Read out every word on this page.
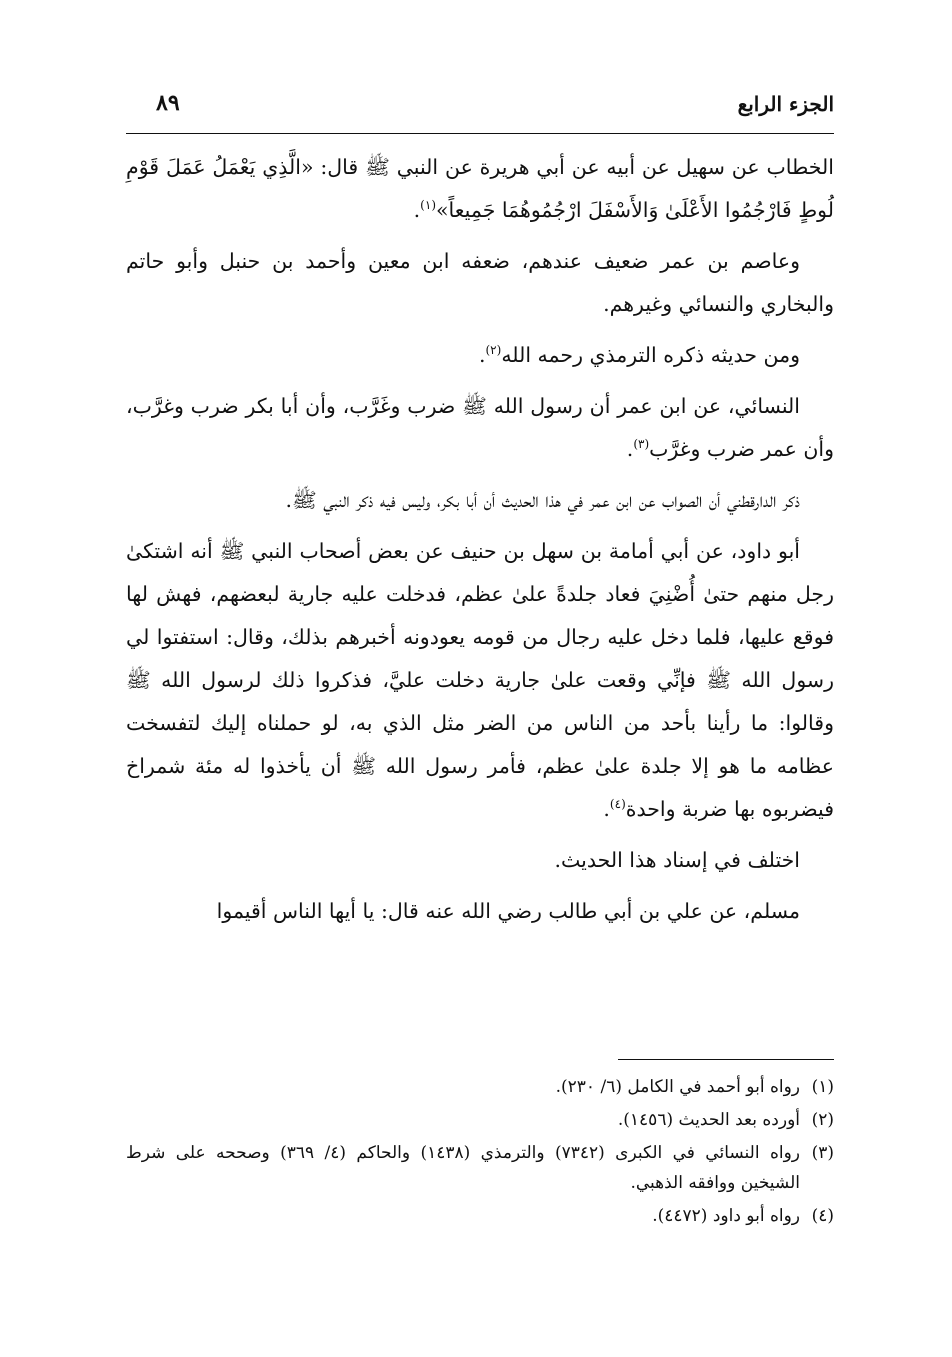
الجزء الرابع
٨٩

الخطاب عن سهيل عن أبيه عن أبي هريرة عن النبي ﷺ قال: «الَّذِي يَعْمَلُ عَمَلَ قَوْمِ لُوطٍ فَارْجُمُوا الأَعْلَىٰ وَالأَسْفَلَ ارْجُمُوهُمَا جَمِيعاً»$^{(١)}$.

وعاصم بن عمر ضعيف عندهم، ضعفه ابن معين وأحمد بن حنبل وأبو حاتم والبخاري والنسائي وغيرهم.

ومن حديثه ذكره الترمذي رحمه الله$^{(٢)}$.

النسائي، عن ابن عمر أن رسول الله ﷺ ضرب وغَرَّب، وأن أبا بكر ضرب وغرَّب، وأن عمر ضرب وغرَّب$^{(٣)}$.

ذكر الدارقطني أن الصواب عن ابن عمر في هذا الحديث أن أبا بكر، وليس فيه ذكر النبي ﷺ.

أبو داود، عن أبي أمامة بن سهل بن حنيف عن بعض أصحاب النبي ﷺ أنه اشتكىٰ رجل منهم حتىٰ أُضْنِيَ فعاد جلدةً علىٰ عظم، فدخلت عليه جارية لبعضهم، فهش لها فوقع عليها، فلما دخل عليه رجال من قومه يعودونه أخبرهم بذلك، وقال: استفتوا لي رسول الله ﷺ فإنِّي وقعت علىٰ جارية دخلت عليَّ، فذكروا ذلك لرسول الله ﷺ وقالوا: ما رأينا بأحد من الناس من الضر مثل الذي به، لو حملناه إليك لتفسخت عظامه ما هو إلا جلدة علىٰ عظم، فأمر رسول الله ﷺ أن يأخذوا له مئة شمراخ فيضربوه بها ضربة واحدة$^{(٤)}$.

اختلف في إسناد هذا الحديث.

مسلم، عن علي بن أبي طالب رضي الله عنه قال: يا أيها الناس أقيموا

(١)
رواه أبو أحمد في الكامل (٦/ ٢٣٠).
(٢)
أورده بعد الحديث (١٤٥٦).
(٣)
رواه النسائي في الكبرى (٧٣٤٢) والترمذي (١٤٣٨) والحاكم (٤/ ٣٦٩) وصححه على شرط الشيخين ووافقه الذهبي.
(٤)
رواه أبو داود (٤٤٧٢).
